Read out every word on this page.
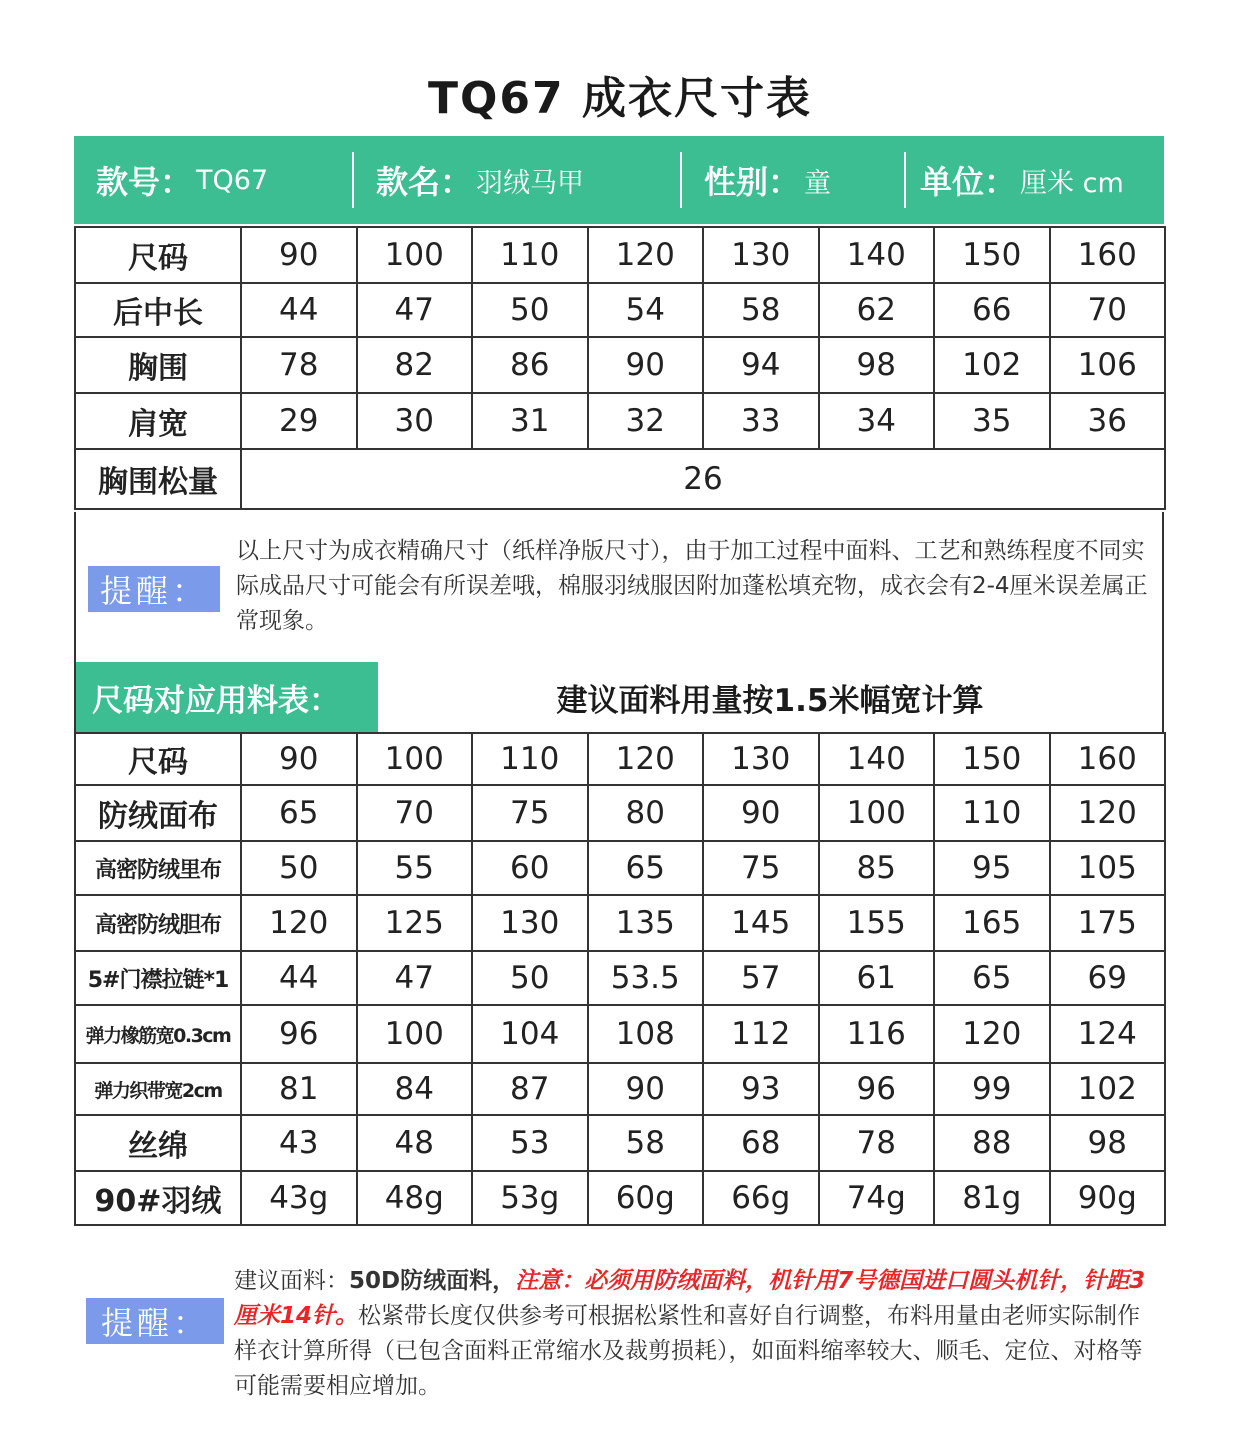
TQ67 成衣尺寸表
款号： TQ67	款名： 羽绒马甲	性别： 童	单位： 厘米 cm
尺码	90	100	110	120	130	140	150	160
后中长	44	47	50	54	58	62	66	70
胸围	78	82	86	90	94	98	102	106
肩宽	29	30	31	32	33	34	35	36
胸围松量	26							
提醒：
以上尺寸为成衣精确尺寸（纸样净版尺寸），由于加工过程中面料、工艺和熟练程度不同实际成品尺寸可能会有所误差哦，棉服羽绒服因附加蓬松填充物，成衣会有2-4厘米误差属正常现象。
尺码对应用料表：	建议面料用量按1.5米幅宽计算
尺码	90	100	110	120	130	140	150	160
防绒面布	65	70	75	80	90	100	110	120
高密防绒里布	50	55	60	65	75	85	95	105
高密防绒胆布	120	125	130	135	145	155	165	175
5#门襟拉链*1	44	47	50	53.5	57	61	65	69
弹力橡筋宽0.3cm	96	100	104	108	112	116	120	124
弹力织带宽2cm	81	84	87	90	93	96	99	102
丝绵	43	48	53	58	68	78	88	98
90#羽绒	43g	48g	53g	60g	66g	74g	81g	90g
提醒：
建议面料：50D防绒面料，注意：必须用防绒面料，机针用7号德国进口圆头机针，针距3厘米14针。松紧带长度仅供参考可根据松紧性和喜好自行调整，布料用量由老师实际制作样衣计算所得（已包含面料正常缩水及裁剪损耗），如面料缩率较大、顺毛、定位、对格等可能需要相应增加。
